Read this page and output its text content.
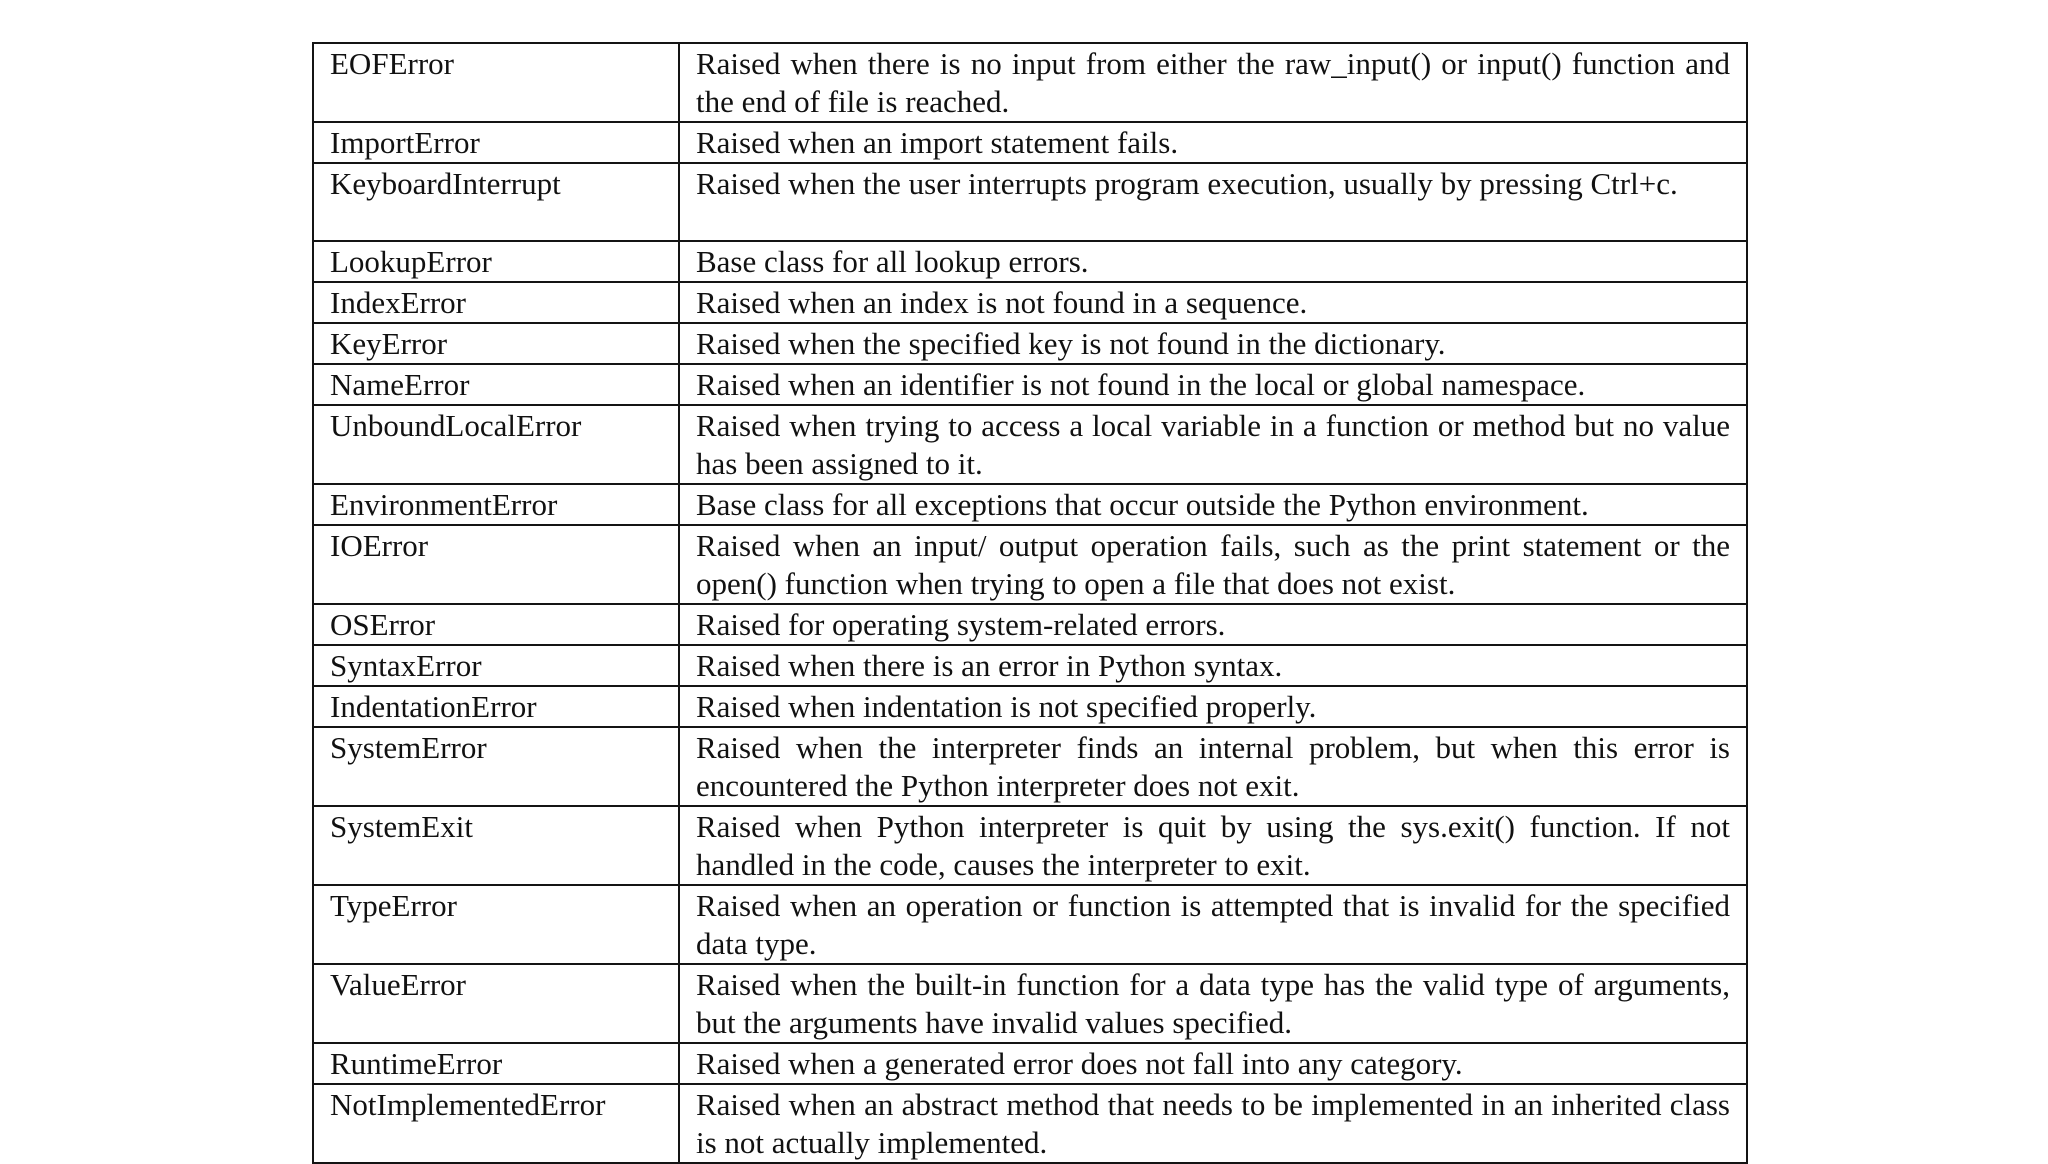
EOFError	Raised when there is no input from either the raw_input() or input() function and the end of file is reached.
ImportError	Raised when an import statement fails.
KeyboardInterrupt	Raised when the user interrupts program execution, usually by pressing Ctrl+c.
LookupError	Base class for all lookup errors.
IndexError	Raised when an index is not found in a sequence.
KeyError	Raised when the specified key is not found in the dictionary.
NameError	Raised when an identifier is not found in the local or global namespace.
UnboundLocalError	Raised when trying to access a local variable in a function or method but no value has been assigned to it.
EnvironmentError	Base class for all exceptions that occur outside the Python environment.
IOError	Raised when an input/ output operation fails, such as the print statement or the open() function when trying to open a file that does not exist.
OSError	Raised for operating system-related errors.
SyntaxError	Raised when there is an error in Python syntax.
IndentationError	Raised when indentation is not specified properly.
SystemError	Raised when the interpreter finds an internal problem, but when this error is encountered the Python interpreter does not exit.
SystemExit	Raised when Python interpreter is quit by using the sys.exit() function. If not handled in the code, causes the interpreter to exit.
TypeError	Raised when an operation or function is attempted that is invalid for the specified data type.
ValueError	Raised when the built-in function for a data type has the valid type of arguments, but the arguments have invalid values specified.
RuntimeError	Raised when a generated error does not fall into any category.
NotImplementedError	Raised when an abstract method that needs to be implemented in an inherited class is not actually implemented.
